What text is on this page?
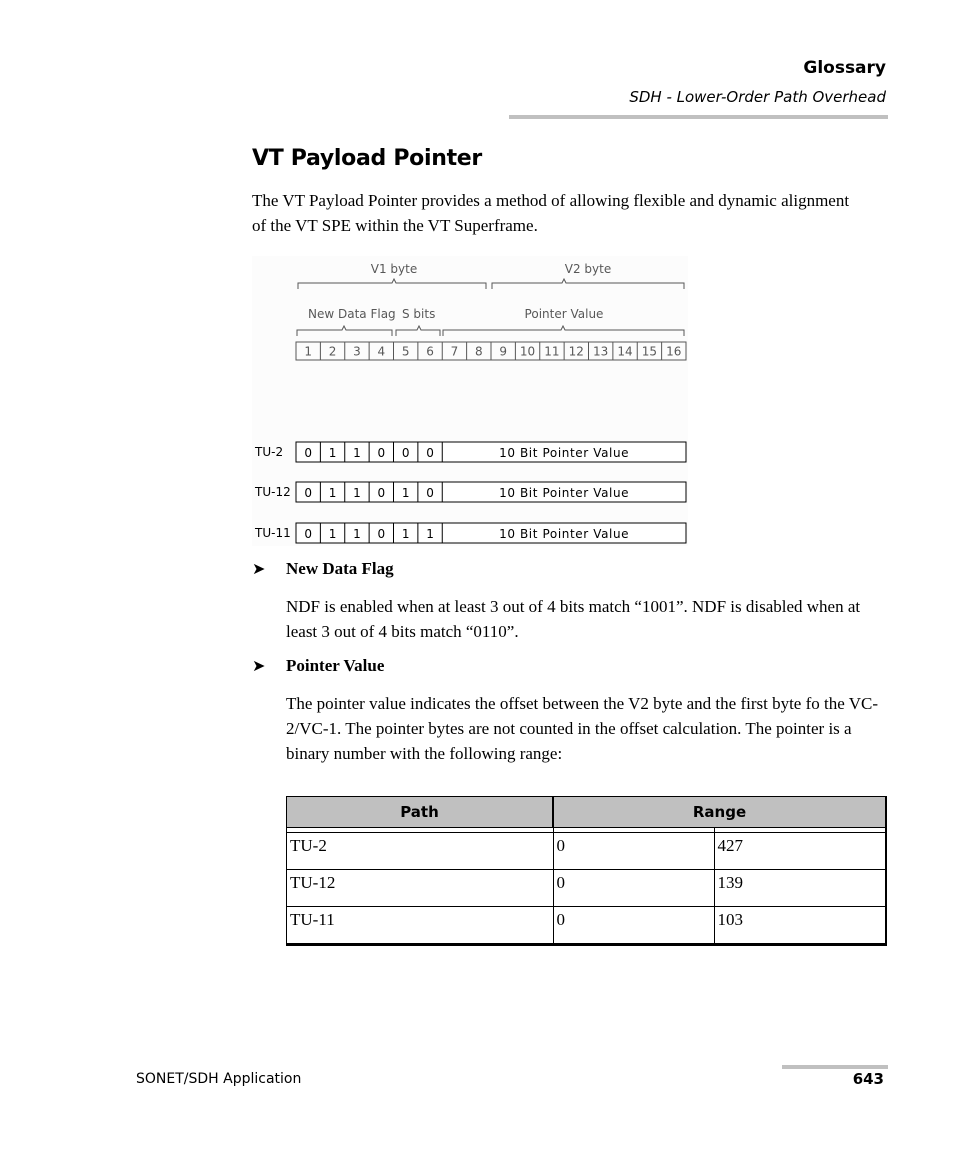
Glossary
SDH - Lower-Order Path Overhead
VT Payload Pointer
The VT Payload Pointer provides a method of allowing flexible and dynamic alignment of the VT SPE within the VT Superframe.
V1 byte	V2 byte
New Data Flag S bits	Pointer Value
1 2 3 4 5 6 7 8 9 10 11 12 13 14 15 16
TU-2 0 1 1 0 0 0	10 Bit Pointer Value
TU-12 0 1 1 0 1 0	10 Bit Pointer Value
TU-11 0 1 1 0 1 1	10 Bit Pointer Value
➤ New Data Flag
NDF is enabled when at least 3 out of 4 bits match “1001”. NDF is disabled when at least 3 out of 4 bits match “0110”.
➤ Pointer Value
The pointer value indicates the offset between the V2 byte and the first byte fo the VC-2/VC-1. The pointer bytes are not counted in the offset calculation. The pointer is a binary number with the following range:
Path	Range	

TU-2	0	427
TU-12	0	139
TU-11	0	103
SONET/SDH Application	643
